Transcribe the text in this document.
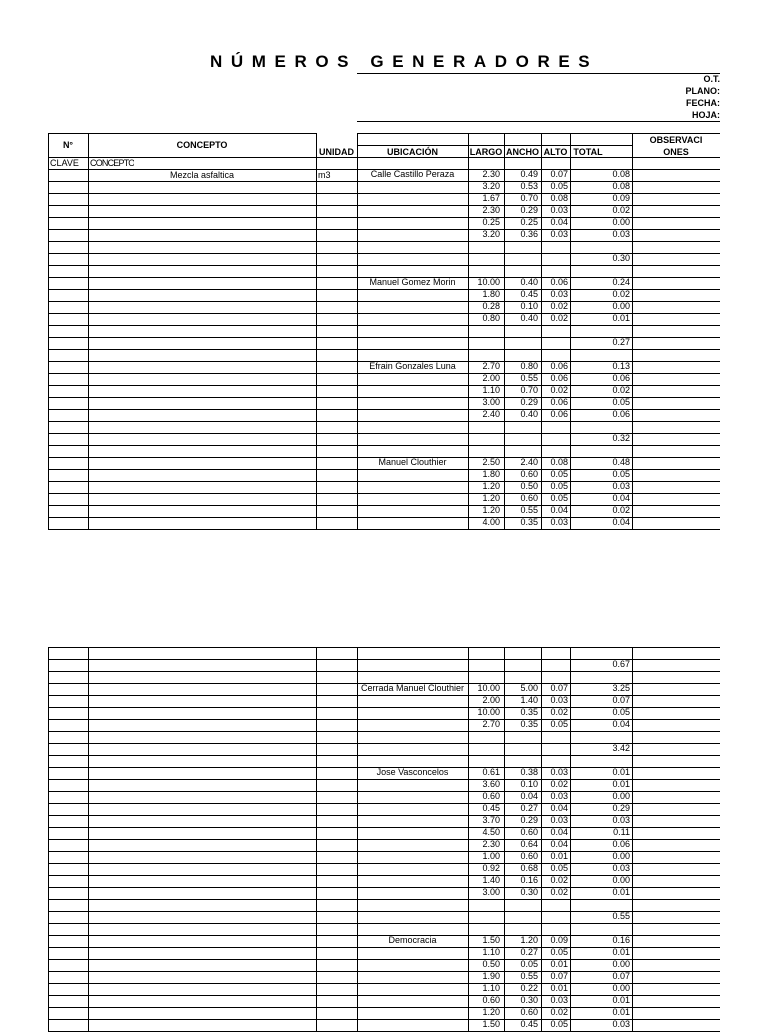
NÚMEROS GENERADORES
O.T.
PLANO:
FECHA:
HOJA:
N°	CONCEPTO
UNIDAD	UBICACIÓN	LARGO ANCHO ALTO TOTAL
OBSERVACI
ONES
CLAVE CONCEPTO
Mezcla asfaltica	m3	Calle Castillo Peraza	2.30	0.49	0.07	0.08
3.20	0.53	0.05	0.08
1.67	0.70	0.08	0.09
2.30	0.29	0.03	0.02
0.25	0.25	0.04	0.00
3.20	0.36	0.03	0.03
0.30
Manuel Gomez Morin	10.00	0.40	0.06	0.24
1.80	0.45	0.03	0.02
0.28	0.10	0.02	0.00
0.80	0.40	0.02	0.01
0.27
Efrain Gonzales Luna	2.70	0.80	0.06	0.13
2.00	0.55	0.06	0.06
1.10	0.70	0.02	0.02
3.00	0.29	0.06	0.05
2.40	0.40	0.06	0.06
0.32
Manuel Clouthier	2.50	2.40	0.08	0.48
1.80	0.60	0.05	0.05
1.20	0.50	0.05	0.03
1.20	0.60	0.05	0.04
1.20	0.55	0.04	0.02
4.00	0.35	0.03	0.04
0.67
Cerrada Manuel Clouthier	10.00	5.00	0.07	3.25
2.00	1.40	0.03	0.07
10.00	0.35	0.02	0.05
2.70	0.35	0.05	0.04
3.42
Jose Vasconcelos	0.61	0.38	0.03	0.01
3.60	0.10	0.02	0.01
0.60	0.04	0.03	0.00
0.45	0.27	0.04	0.29
3.70	0.29	0.03	0.03
4.50	0.60	0.04	0.11
2.30	0.64	0.04	0.06
1.00	0.60	0.01	0.00
0.92	0.68	0.05	0.03
1.40	0.16	0.02	0.00
3.00	0.30	0.02	0.01
0.55
Democracia	1.50	1.20	0.09	0.16
1.10	0.27	0.05	0.01
0.50	0.05	0.01	0.00
1.90	0.55	0.07	0.07
1.10	0.22	0.01	0.00
0.60	0.30	0.03	0.01
1.20	0.60	0.02	0.01
1.50	0.45	0.05	0.03
